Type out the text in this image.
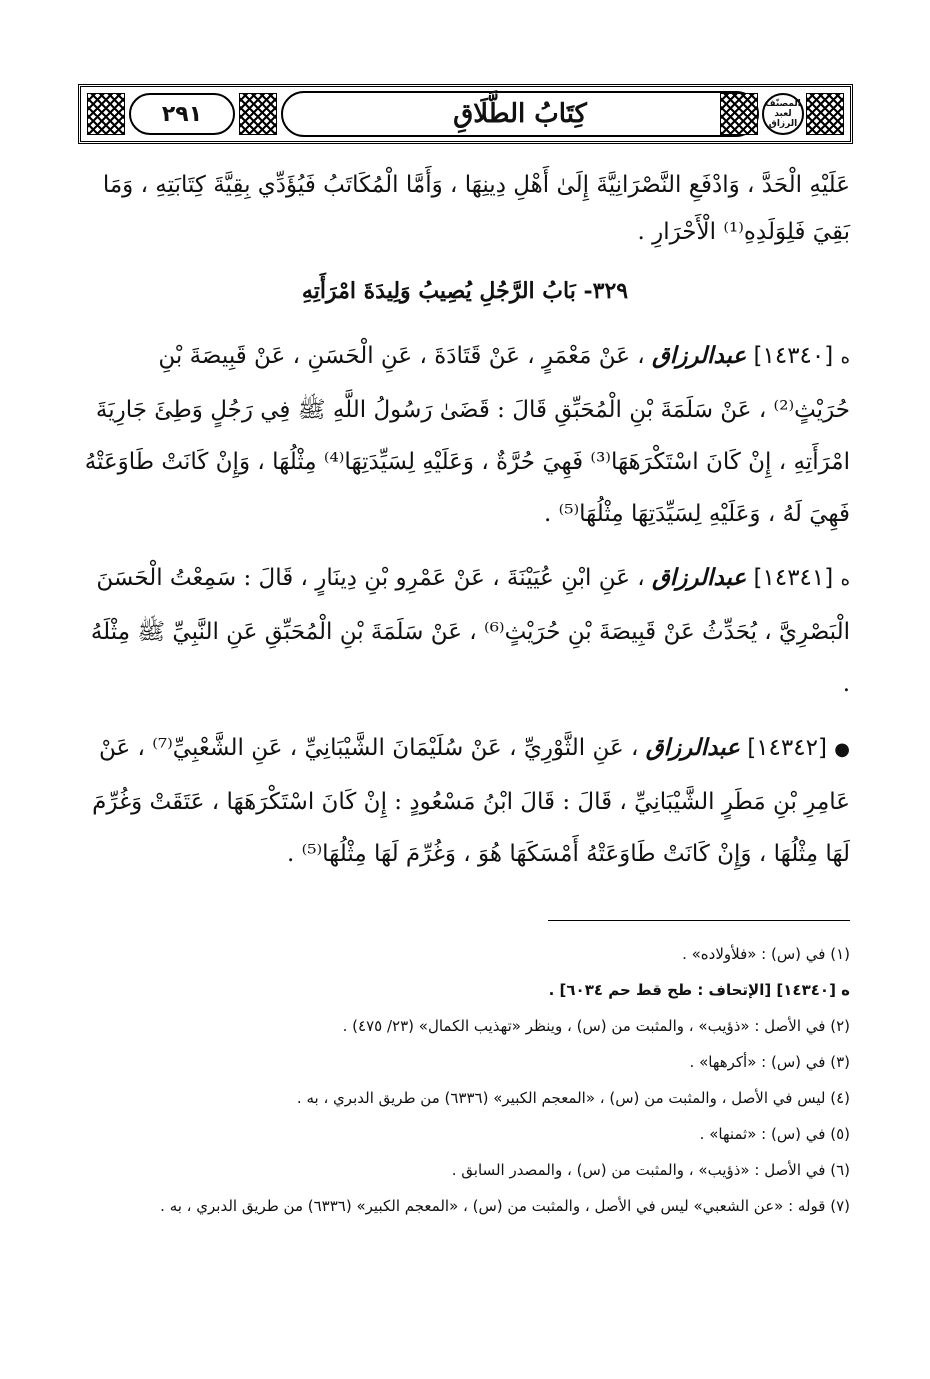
٢٩١	كِتَابُ الطَّلَاقِ	المصنّف لعبد الرزاق
عَلَيْهِ الْحَدَّ ، وَادْفَعِ النَّصْرَانِيَّةَ إِلَىٰ أَهْلِ دِينِهَا ، وَأَمَّا الْمُكَاتَبُ فَيُؤَدِّي بِقِيَّةَ كِتَابَتِهِ ، وَمَا بَقِيَ فَلِوَلَدِهِ⁽¹⁾ الْأَحْرَارِ .
٣٢٩- بَابُ الرَّجُلِ يُصِيبُ وَلِيدَةَ امْرَأَتِهِ
ه [١٤٣٤٠] عبدالرزاق ، عَنْ مَعْمَرٍ ، عَنْ قَتَادَةَ ، عَنِ الْحَسَنِ ، عَنْ قَبِيصَةَ بْنِ حُرَيْثٍ⁽²⁾ ، عَنْ سَلَمَةَ بْنِ الْمُحَبِّقِ قَالَ : قَضَىٰ رَسُولُ اللَّهِ ﷺ فِي رَجُلٍ وَطِئَ جَارِيَةَ امْرَأَتِهِ ، إِنْ كَانَ اسْتَكْرَهَهَا⁽³⁾ فَهِيَ حُرَّةٌ ، وَعَلَيْهِ لِسَيِّدَتِهَا⁽⁴⁾ مِثْلُهَا ، وَإِنْ كَانَتْ طَاوَعَتْهُ فَهِيَ لَهُ ، وَعَلَيْهِ لِسَيِّدَتِهَا مِثْلُهَا⁽⁵⁾ .
ه [١٤٣٤١] عبدالرزاق ، عَنِ ابْنِ عُيَيْنَةَ ، عَنْ عَمْرِو بْنِ دِينَارٍ ، قَالَ : سَمِعْتُ الْحَسَنَ الْبَصْرِيَّ ، يُحَدِّثُ عَنْ قَبِيصَةَ بْنِ حُرَيْثٍ⁽⁶⁾ ، عَنْ سَلَمَةَ بْنِ الْمُحَبِّقِ عَنِ النَّبِيِّ ﷺ مِثْلَهُ .
● [١٤٣٤٢] عبدالرزاق ، عَنِ الثَّوْرِيِّ ، عَنْ سُلَيْمَانَ الشَّيْبَانِيِّ ، عَنِ الشَّعْبِيِّ⁽⁷⁾ ، عَنْ عَامِرِ بْنِ مَطَرٍ الشَّيْبَانِيِّ ، قَالَ : قَالَ ابْنُ مَسْعُودٍ : إِنْ كَانَ اسْتَكْرَهَهَا ، عَتَقَتْ وَغُرِّمَ لَهَا مِثْلُهَا ، وَإِنْ كَانَتْ طَاوَعَتْهُ أَمْسَكَهَا هُوَ ، وَغُرِّمَ لَهَا مِثْلُهَا⁽⁵⁾ .

(١) في (س) : «فلأولاده» .

ه [١٤٣٤٠] [الإتحاف : طح قط حم ٦٠٣٤] .

(٢) في الأصل : «ذؤيب» ، والمثبت من (س) ، وينظر «تهذيب الكمال» (٢٣/ ٤٧٥) .

(٣) في (س) : «أكرهها» .

(٤) ليس في الأصل ، والمثبت من (س) ، «المعجم الكبير» (٦٣٣٦) من طريق الدبري ، به .

(٥) في (س) : «ثمنها» .

(٦) في الأصل : «ذؤيب» ، والمثبت من (س) ، والمصدر السابق .

(٧) قوله : «عن الشعبي» ليس في الأصل ، والمثبت من (س) ، «المعجم الكبير» (٦٣٣٦) من طريق الدبري ، به .
